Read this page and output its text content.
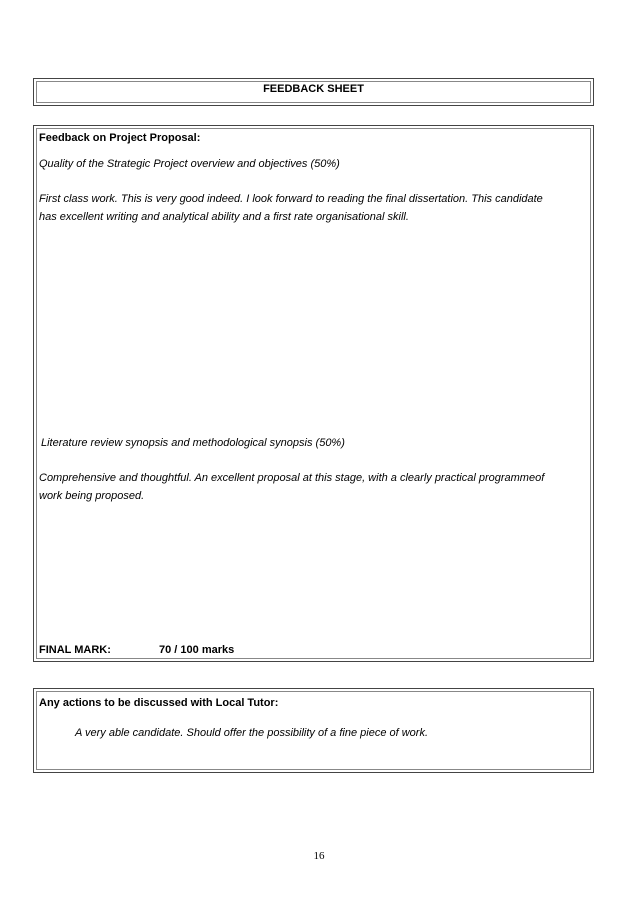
FEEDBACK SHEET
Feedback on Project Proposal:
Quality of the Strategic Project overview and objectives (50%)
First class work. This is very good indeed. I look forward to reading the final dissertation. This candidate
has excellent writing and analytical ability and a first rate organisational skill.
Literature review synopsis and methodological synopsis (50%)
Comprehensive and thoughtful. An excellent proposal at this stage, with a clearly practical programmeof
work being proposed.
FINAL MARK:	70 / 100 marks
Any actions to be discussed with Local Tutor:
A very able candidate. Should offer the possibility of a fine piece of work.
16
